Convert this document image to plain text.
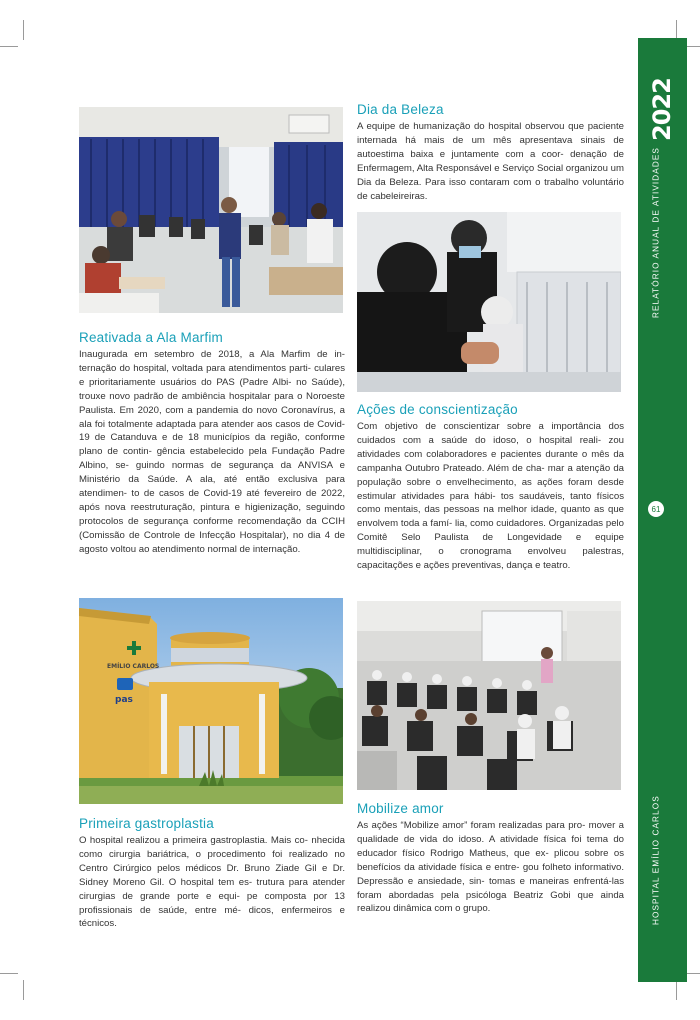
Reativada a Ala Marfim

Inaugurada em setembro de 2018, a Ala Marfim de in- ternação do hospital, voltada para atendimentos parti- culares e prioritariamente usuários do PAS (Padre Albi- no Saúde), trouxe novo padrão de ambiência hospitalar para o Noroeste Paulista. Em 2020, com a pandemia do novo Coronavírus, a ala foi totalmente adaptada para atender aos casos de Covid-19 de Catanduva e de 18 municípios da região, conforme plano de contin- gência estabelecido pela Fundação Padre Albino, se- guindo normas de segurança da ANVISA e Ministério da Saúde. A ala, até então exclusiva para atendimen- to de casos de Covid-19 até fevereiro de 2022, após nova reestruturação, pintura e higienização, seguindo protocolos de segurança conforme recomendação da CCIH (Comissão de Controle de Infecção Hospitalar), no dia 4 de agosto voltou ao atendimento normal de internação.

EMÍLIO CARLOS
pas
Primeira gastroplastia

O hospital realizou a primeira gastroplastia. Mais co- nhecida como cirurgia bariátrica, o procedimento foi realizado no Centro Cirúrgico pelos médicos Dr. Bruno Ziade Gil e Dr. Sidney Moreno Gil. O hospital tem es- trutura para atender cirurgias de grande porte e equi- pe composta por 13 profissionais de saúde, entre mé- dicos, enfermeiros e técnicos.

Dia da Beleza

A equipe de humanização do hospital observou que paciente internada há mais de um mês apresentava sinais de autoestima baixa e juntamente com a coor- denação de Enfermagem, Alta Responsável e Serviço Social organizou um Dia da Beleza. Para isso contaram com o trabalho voluntário de cabeleireiras.

Ações de conscientização

Com objetivo de conscientizar sobre a importância dos cuidados com a saúde do idoso, o hospital reali- zou atividades com colaboradores e pacientes durante o mês da campanha Outubro Prateado. Além de cha- mar a atenção da população sobre o envelhecimento, as ações foram desde estimular atividades para hábi- tos saudáveis, tanto físicos como mentais, das pessoas na melhor idade, quanto as que envolvem toda a famí- lia, como cuidadores. Organizadas pelo Comitê Selo Paulista de Longevidade e equipe multidisciplinar, o cronograma envolveu palestras, capacitações e ações preventivas, dança e teatro.

Mobilize amor

As ações “Mobilize amor” foram realizadas para pro- mover a qualidade de vida do idoso. A atividade física foi tema do educador físico Rodrigo Matheus, que ex- plicou sobre os benefícios da atividade física e entre- gou folheto informativo. Depressão e ansiedade, sin- tomas e maneiras enfrentá-las foram abordadas pela psicóloga Beatriz Gobi que ainda realizou dinâmica com o grupo.

2022
RELATÓRIO ANUAL DE ATIVIDADES
61
HOSPITAL EMÍLIO CARLOS
